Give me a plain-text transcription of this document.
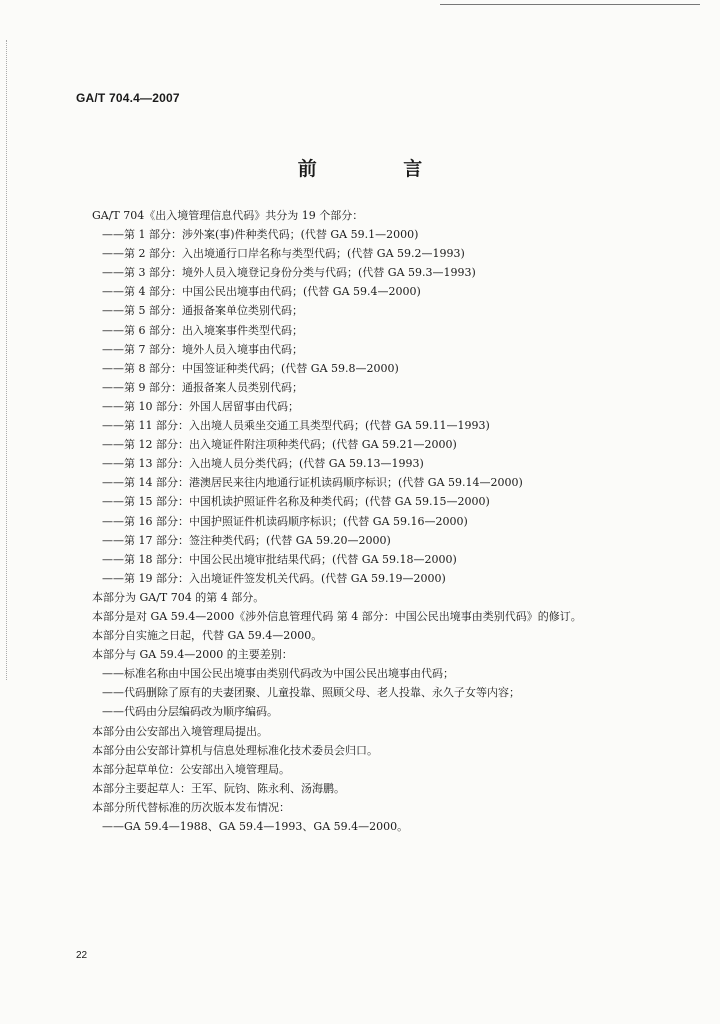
GA/T 704.4—2007
前 言
GA/T 704《出入境管理信息代码》共分为 19 个部分：
——第 1 部分：涉外案(事)件种类代码；(代替 GA 59.1—2000)
——第 2 部分：入出境通行口岸名称与类型代码；(代替 GA 59.2—1993)
——第 3 部分：境外人员入境登记身份分类与代码；(代替 GA 59.3—1993)
——第 4 部分：中国公民出境事由代码；(代替 GA 59.4—2000)
——第 5 部分：通报备案单位类别代码；
——第 6 部分：出入境案事件类型代码；
——第 7 部分：境外人员入境事由代码；
——第 8 部分：中国签证种类代码；(代替 GA 59.8—2000)
——第 9 部分：通报备案人员类别代码；
——第 10 部分：外国人居留事由代码；
——第 11 部分：入出境人员乘坐交通工具类型代码；(代替 GA 59.11—1993)
——第 12 部分：出入境证件附注项种类代码；(代替 GA 59.21—2000)
——第 13 部分：入出境人员分类代码；(代替 GA 59.13—1993)
——第 14 部分：港澳居民来往内地通行证机读码顺序标识；(代替 GA 59.14—2000)
——第 15 部分：中国机读护照证件名称及种类代码；(代替 GA 59.15—2000)
——第 16 部分：中国护照证件机读码顺序标识；(代替 GA 59.16—2000)
——第 17 部分：签注种类代码；(代替 GA 59.20—2000)
——第 18 部分：中国公民出境审批结果代码；(代替 GA 59.18—2000)
——第 19 部分：入出境证件签发机关代码。(代替 GA 59.19—2000)
本部分为 GA/T 704 的第 4 部分。
本部分是对 GA 59.4—2000《涉外信息管理代码 第 4 部分：中国公民出境事由类别代码》的修订。
本部分自实施之日起，代替 GA 59.4—2000。
本部分与 GA 59.4—2000 的主要差别：
——标准名称由中国公民出境事由类别代码改为中国公民出境事由代码；
——代码删除了原有的夫妻团聚、儿童投靠、照顾父母、老人投靠、永久子女等内容；
——代码由分层编码改为顺序编码。
本部分由公安部出入境管理局提出。
本部分由公安部计算机与信息处理标准化技术委员会归口。
本部分起草单位：公安部出入境管理局。
本部分主要起草人：王军、阮钧、陈永利、汤海鹏。
本部分所代替标准的历次版本发布情况：
——GA 59.4—1988、GA 59.4—1993、GA 59.4—2000。
22
